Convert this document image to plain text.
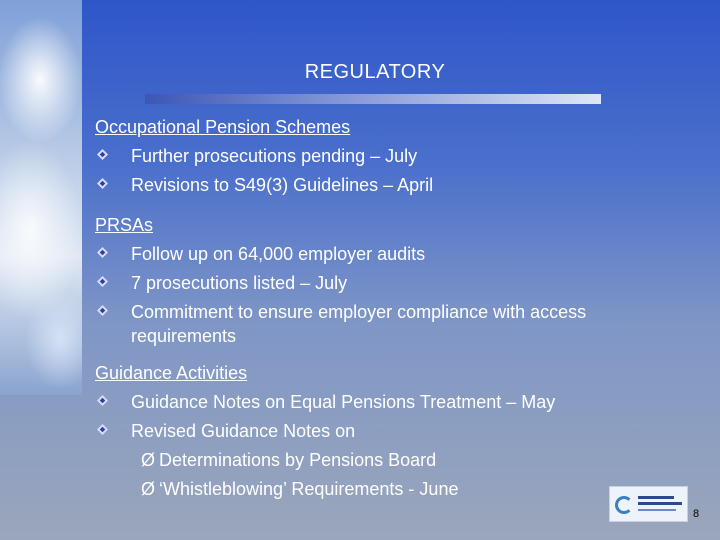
REGULATORY
Occupational Pension Schemes
Further prosecutions pending – July
Revisions to S49(3) Guidelines – April
PRSAs
Follow up on 64,000 employer audits
7 prosecutions listed – July
Commitment to ensure employer compliance with access requirements
Guidance Activities
Guidance Notes on Equal Pensions Treatment – May
Revised Guidance Notes on
Ø Determinations by Pensions Board
Ø ‘Whistleblowing’ Requirements - June
8
